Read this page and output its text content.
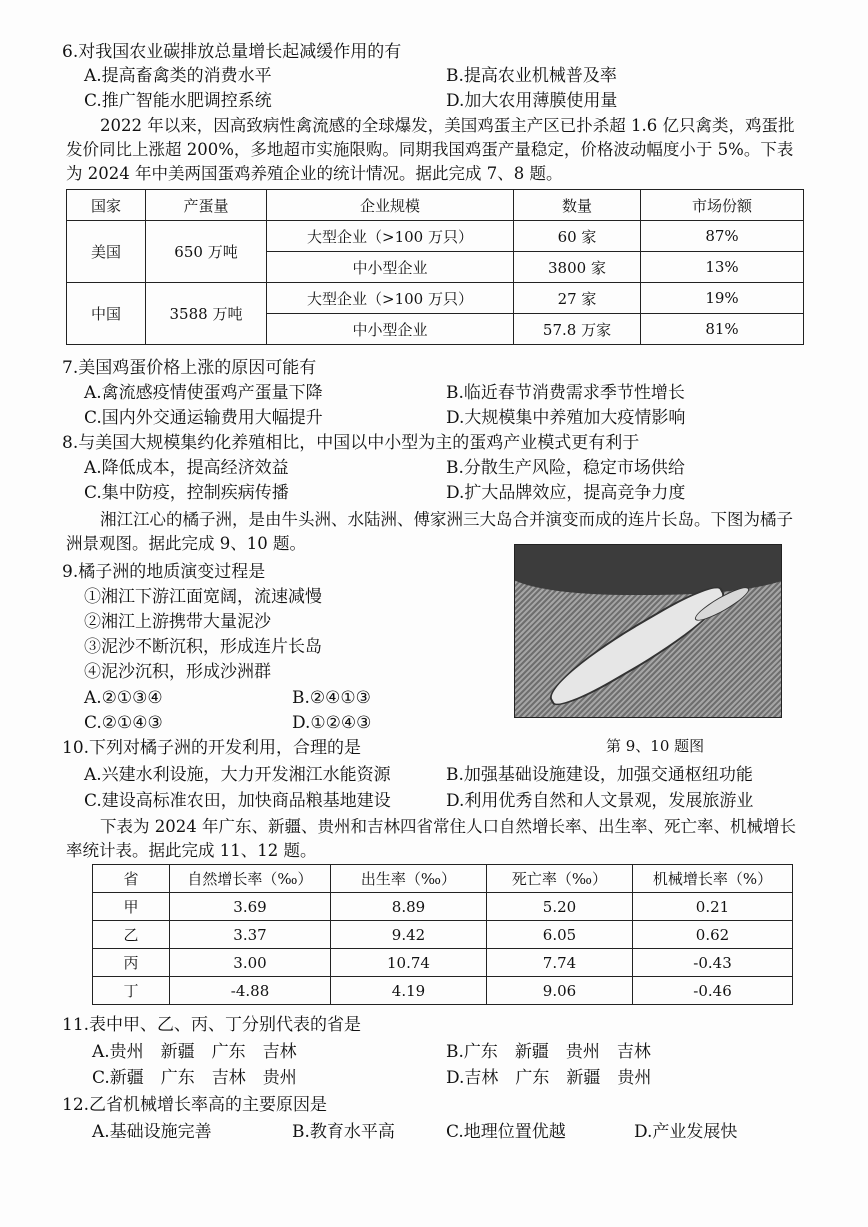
6.对我国农业碳排放总量增长起减缓作用的有
A.提高畜禽类的消费水平	B.提高农业机械普及率
C.推广智能水肥调控系统	D.加大农用薄膜使用量
2022 年以来，因高致病性禽流感的全球爆发，美国鸡蛋主产区已扑杀超 1.6 亿只禽类，鸡蛋批发价同比上涨超 200%，多地超市实施限购。同期我国鸡蛋产量稳定，价格波动幅度小于 5%。下表为 2024 年中美两国蛋鸡养殖企业的统计情况。据此完成 7、8 题。
国家	产蛋量	企业规模	数量	市场份额
美国	650 万吨	大型企业（>100 万只）	60 家	87%
		中小型企业	3800 家	13%
中国	3588 万吨	大型企业（>100 万只）	27 家	19%
		中小型企业	57.8 万家	81%
7.美国鸡蛋价格上涨的原因可能有
A.禽流感疫情使蛋鸡产蛋量下降	B.临近春节消费需求季节性增长
C.国内外交通运输费用大幅提升	D.大规模集中养殖加大疫情影响
8.与美国大规模集约化养殖相比，中国以中小型为主的蛋鸡产业模式更有利于
A.降低成本，提高经济效益	B.分散生产风险，稳定市场供给
C.集中防疫，控制疾病传播	D.扩大品牌效应，提高竞争力度
湘江江心的橘子洲，是由牛头洲、水陆洲、傅家洲三大岛合并演变而成的连片长岛。下图为橘子洲景观图。据此完成 9、10 题。
9.橘子洲的地质演变过程是
①湘江下游江面宽阔，流速减慢
②湘江上游携带大量泥沙
③泥沙不断沉积，形成连片长岛
④泥沙沉积，形成沙洲群
A.②①③④	B.②④①③
C.②①④③	D.①②④③
第 9、10 题图
10.下列对橘子洲的开发利用，合理的是
A.兴建水利设施，大力开发湘江水能资源	B.加强基础设施建设，加强交通枢纽功能
C.建设高标准农田，加快商品粮基地建设	D.利用优秀自然和人文景观，发展旅游业
下表为 2024 年广东、新疆、贵州和吉林四省常住人口自然增长率、出生率、死亡率、机械增长率统计表。据此完成 11、12 题。
省	自然增长率（‰）	出生率（‰）	死亡率（‰）	机械增长率（%）
甲	3.69	8.89	5.20	0.21
乙	3.37	9.42	6.05	0.62
丙	3.00	10.74	7.74	-0.43
丁	-4.88	4.19	9.06	-0.46
11.表中甲、乙、丙、丁分别代表的省是
A.贵州　新疆　广东　吉林	B.广东　新疆　贵州　吉林
C.新疆　广东　吉林　贵州	D.吉林　广东　新疆　贵州
12.乙省机械增长率高的主要原因是
A.基础设施完善	B.教育水平高	C.地理位置优越	D.产业发展快
